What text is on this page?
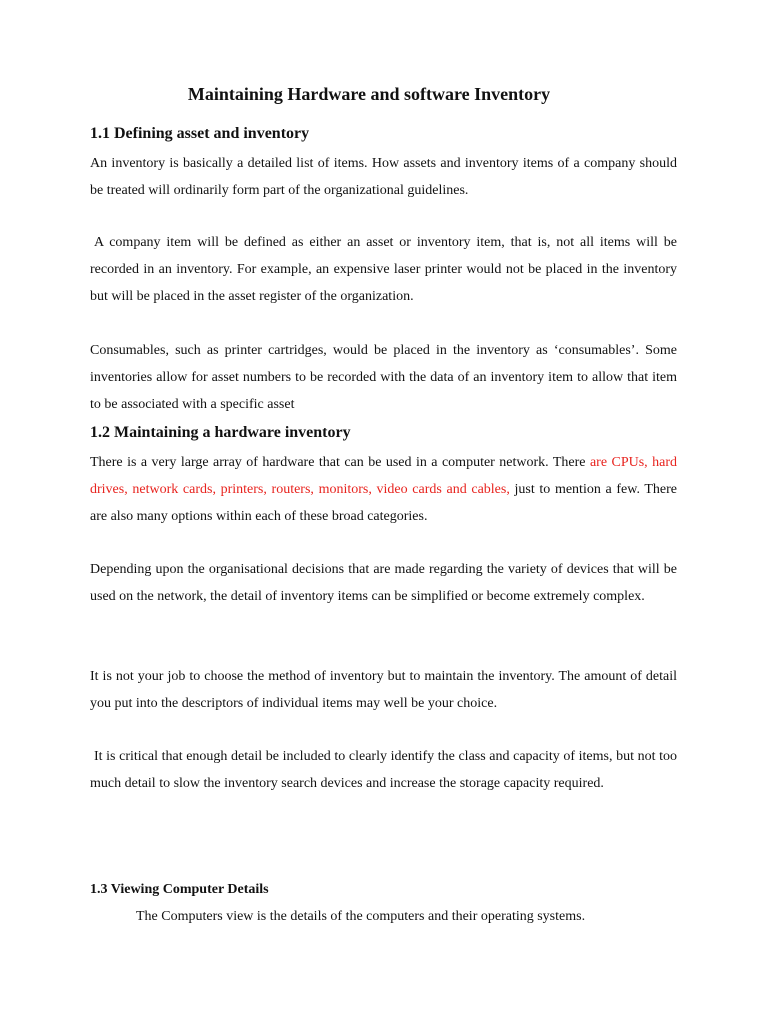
Maintaining Hardware and software Inventory
1.1 Defining asset and inventory

An inventory is basically a detailed list of items. How assets and inventory items of a company should be treated will ordinarily form part of the organizational guidelines.

A company item will be defined as either an asset or inventory item, that is, not all items will be recorded in an inventory. For example, an expensive laser printer would not be placed in the inventory but will be placed in the asset register of the organization.

Consumables, such as printer cartridges, would be placed in the inventory as ‘consumables’. Some inventories allow for asset numbers to be recorded with the data of an inventory item to allow that item to be associated with a specific asset

1.2 Maintaining a hardware inventory

There is a very large array of hardware that can be used in a computer network. There are CPUs, hard drives, network cards, printers, routers, monitors, video cards and cables, just to mention a few. There are also many options within each of these broad categories.

Depending upon the organisational decisions that are made regarding the variety of devices that will be used on the network, the detail of inventory items can be simplified or become extremely complex.

It is not your job to choose the method of inventory but to maintain the inventory. The amount of detail you put into the descriptors of individual items may well be your choice.

It is critical that enough detail be included to clearly identify the class and capacity of items, but not too much detail to slow the inventory search devices and increase the storage capacity required.

1.3 Viewing Computer Details

The Computers view is the details of the computers and their operating systems.
